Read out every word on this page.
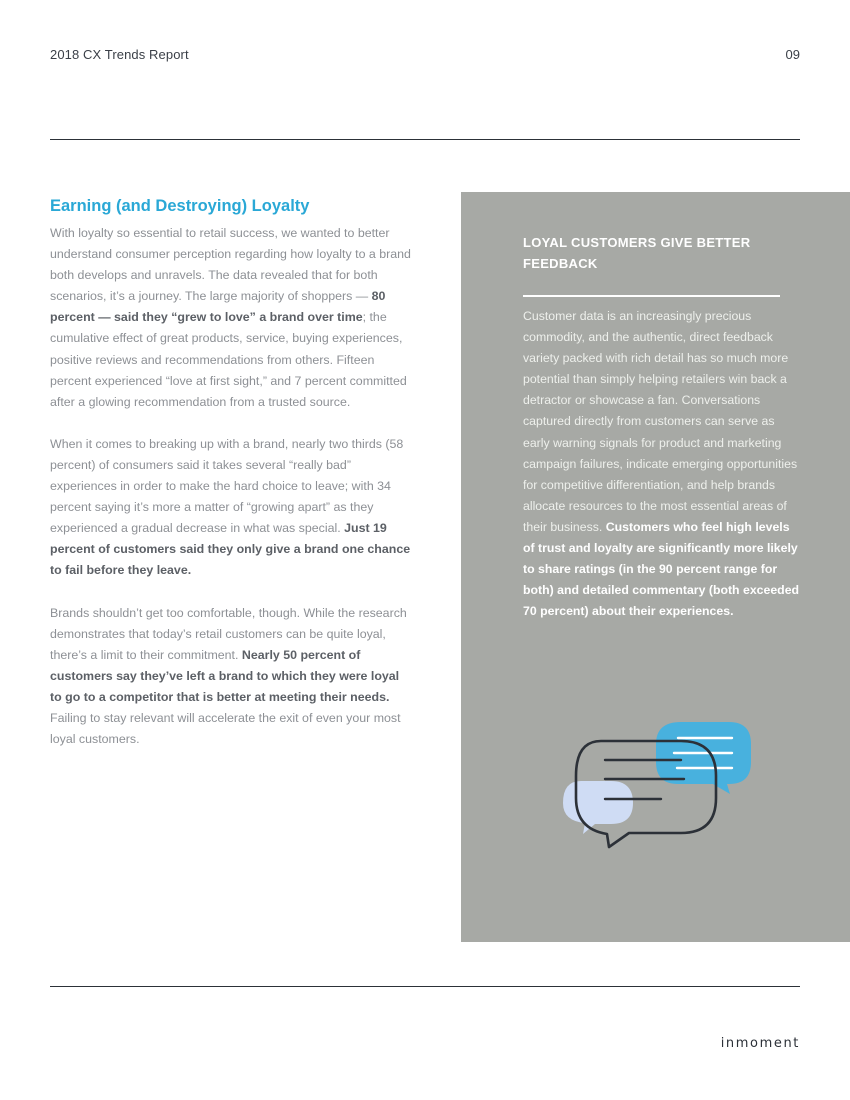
2018 CX Trends Report	09
Earning (and Destroying) Loyalty

With loyalty so essential to retail success, we wanted to better understand consumer perception regarding how loyalty to a brand both develops and unravels. The data revealed that for both scenarios, it’s a journey. The large majority of shoppers — 80 percent — said they “grew to love” a brand over time; the cumulative effect of great products, service, buying experiences, positive reviews and recommendations from others. Fifteen percent experienced “love at first sight,” and 7 percent committed after a glowing recommendation from a trusted source.

When it comes to breaking up with a brand, nearly two thirds (58 percent) of consumers said it takes several “really bad” experiences in order to make the hard choice to leave; with 34 percent saying it’s more a matter of “growing apart” as they experienced a gradual decrease in what was special. Just 19 percent of customers said they only give a brand one chance to fail before they leave.

Brands shouldn’t get too comfortable, though. While the research demonstrates that today’s retail customers can be quite loyal, there’s a limit to their commitment. Nearly 50 percent of customers say they’ve left a brand to which they were loyal to go to a competitor that is better at meeting their needs. Failing to stay relevant will accelerate the exit of even your most loyal customers.

LOYAL CUSTOMERS GIVE BETTER FEEDBACK

Customer data is an increasingly precious commodity, and the authentic, direct feedback variety packed with rich detail has so much more potential than simply helping retailers win back a detractor or showcase a fan. Conversations captured directly from customers can serve as early warning signals for product and marketing campaign failures, indicate emerging opportunities for competitive differentiation, and help brands allocate resources to the most essential areas of their business. Customers who feel high levels of trust and loyalty are significantly more likely to share ratings (in the 90 percent range for both) and detailed commentary (both exceeded 70 percent) about their experiences.

inmoment
